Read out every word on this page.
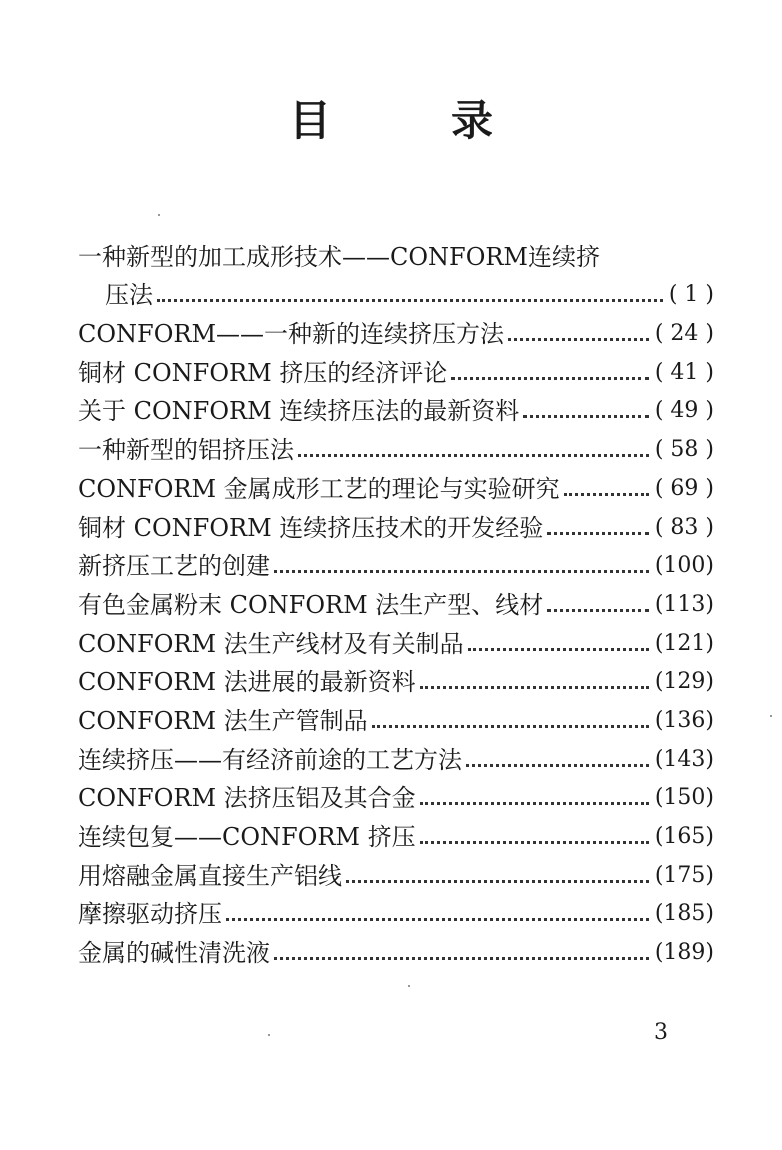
目	录
一种新型的加工成形技术——CONFORM连续挤
压法	( 1 )
CONFORM——一种新的连续挤压方法	( 24 )
铜材 CONFORM 挤压的经济评论	( 41 )
关于 CONFORM 连续挤压法的最新资料	( 49 )
一种新型的铝挤压法	( 58 )
CONFORM 金属成形工艺的理论与实验研究	( 69 )
铜材 CONFORM 连续挤压技术的开发经验	( 83 )
新挤压工艺的创建	(100)
有色金属粉末 CONFORM 法生产型、线材	(113)
CONFORM 法生产线材及有关制品	(121)
CONFORM 法进展的最新资料	(129)
CONFORM 法生产管制品	(136)
连续挤压——有经济前途的工艺方法	(143)
CONFORM 法挤压铝及其合金	(150)
连续包复——CONFORM 挤压	(165)
用熔融金属直接生产铝线	(175)
摩擦驱动挤压	(185)
金属的碱性清洗液	(189)
3
